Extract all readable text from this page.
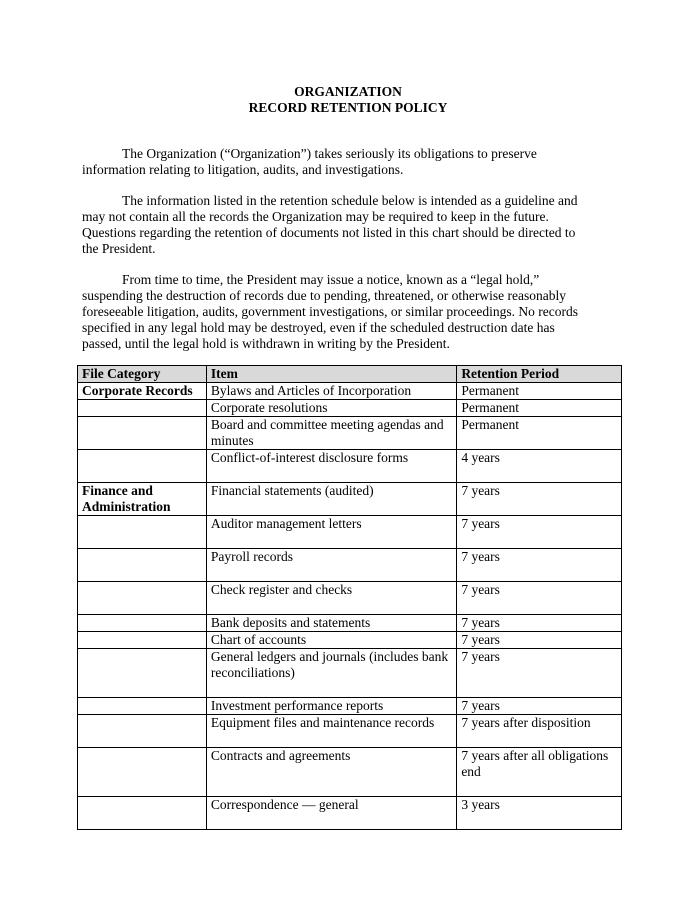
ORGANIZATION
RECORD RETENTION POLICY

The Organization (“Organization”) takes seriously its obligations to preserve information relating to litigation, audits, and investigations.

The information listed in the retention schedule below is intended as a guideline and may not contain all the records the Organization may be required to keep in the future. Questions regarding the retention of documents not listed in this chart should be directed to the President.

From time to time, the President may issue a notice, known as a “legal hold,” suspending the destruction of records due to pending, threatened, or otherwise reasonably foreseeable litigation, audits, government investigations, or similar proceedings. No records specified in any legal hold may be destroyed, even if the scheduled destruction date has passed, until the legal hold is withdrawn in writing by the President.

File Category	Item	Retention Period
Corporate Records	Bylaws and Articles of Incorporation	Permanent
	Corporate resolutions	Permanent
	Board and committee meeting agendas and minutes	Permanent
	Conflict-of-interest disclosure forms	4 years
Finance and Administration	Financial statements (audited)	7 years
	Auditor management letters	7 years
	Payroll records	7 years
	Check register and checks	7 years
	Bank deposits and statements	7 years
	Chart of accounts	7 years
	General ledgers and journals (includes bank reconciliations)	7 years
	Investment performance reports	7 years
	Equipment files and maintenance records	7 years after disposition
	Contracts and agreements	7 years after all obligations end
	Correspondence — general	3 years
